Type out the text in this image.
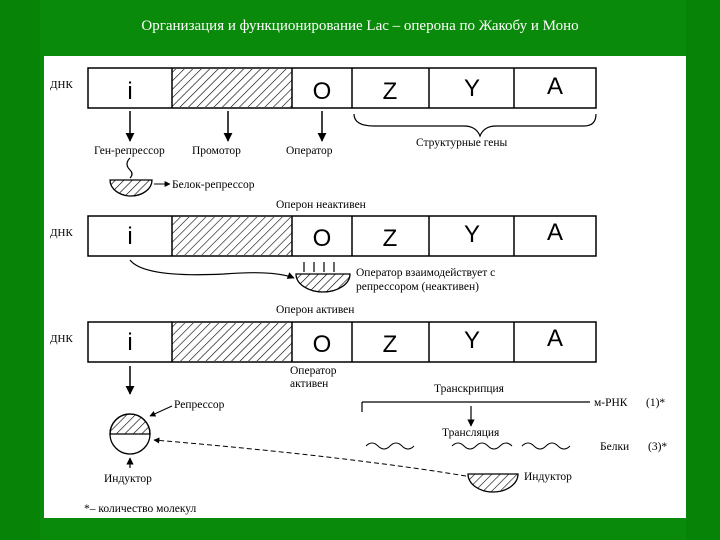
Организация и функционирование Lac – оперона по Жакобу и Моно
ДНК i	O Z	Y	A
Ген-репрессор Промотор	Оператор
Структурные гены
Белок-репрессор
Оперон неактивен
ДНК i	O Z	Y	A
Оператор взаимодействует с
репрессором (неактивен)
Оперон активен
ДНК i	O Z	Y	A
Оператор
активен	Транскрипция
м-РНК (1)*
Трансляция
Белки (3)*
Репрессор
Индуктор	Индуктор
*– количество молекул
